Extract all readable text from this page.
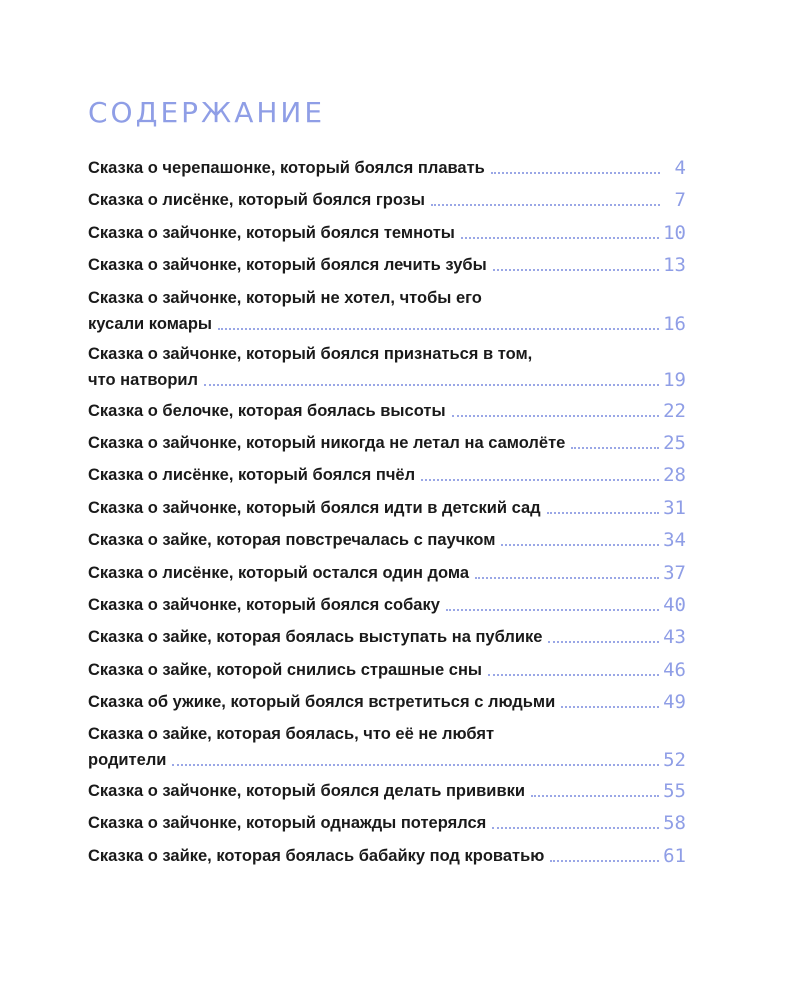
СОДЕРЖАНИЕ
Сказка о черепашонке, который боялся плавать	4
Сказка о лисёнке, который боялся грозы	7
Сказка о зайчонке, который боялся темноты	10
Сказка о зайчонке, который боялся лечить зубы	13
Сказка о зайчонке, который не хотел, чтобы его
кусали комары	16
Сказка о зайчонке, который боялся признаться в том,
что натворил	19
Сказка о белочке, которая боялась высоты	22
Сказка о зайчонке, который никогда не летал на самолёте	25
Сказка о лисёнке, который боялся пчёл	28
Сказка о зайчонке, который боялся идти в детский сад	31
Сказка о зайке, которая повстречалась с паучком	34
Сказка о лисёнке, который остался один дома	37
Сказка о зайчонке, который боялся собаку	40
Сказка о зайке, которая боялась выступать на публике	43
Сказка о зайке, которой снились страшные сны	46
Сказка об ужике, который боялся встретиться с людьми	49
Сказка о зайке, которая боялась, что её не любят
родители	52
Сказка о зайчонке, который боялся делать прививки	55
Сказка о зайчонке, который однажды потерялся	58
Сказка о зайке, которая боялась бабайку под кроватью	61
